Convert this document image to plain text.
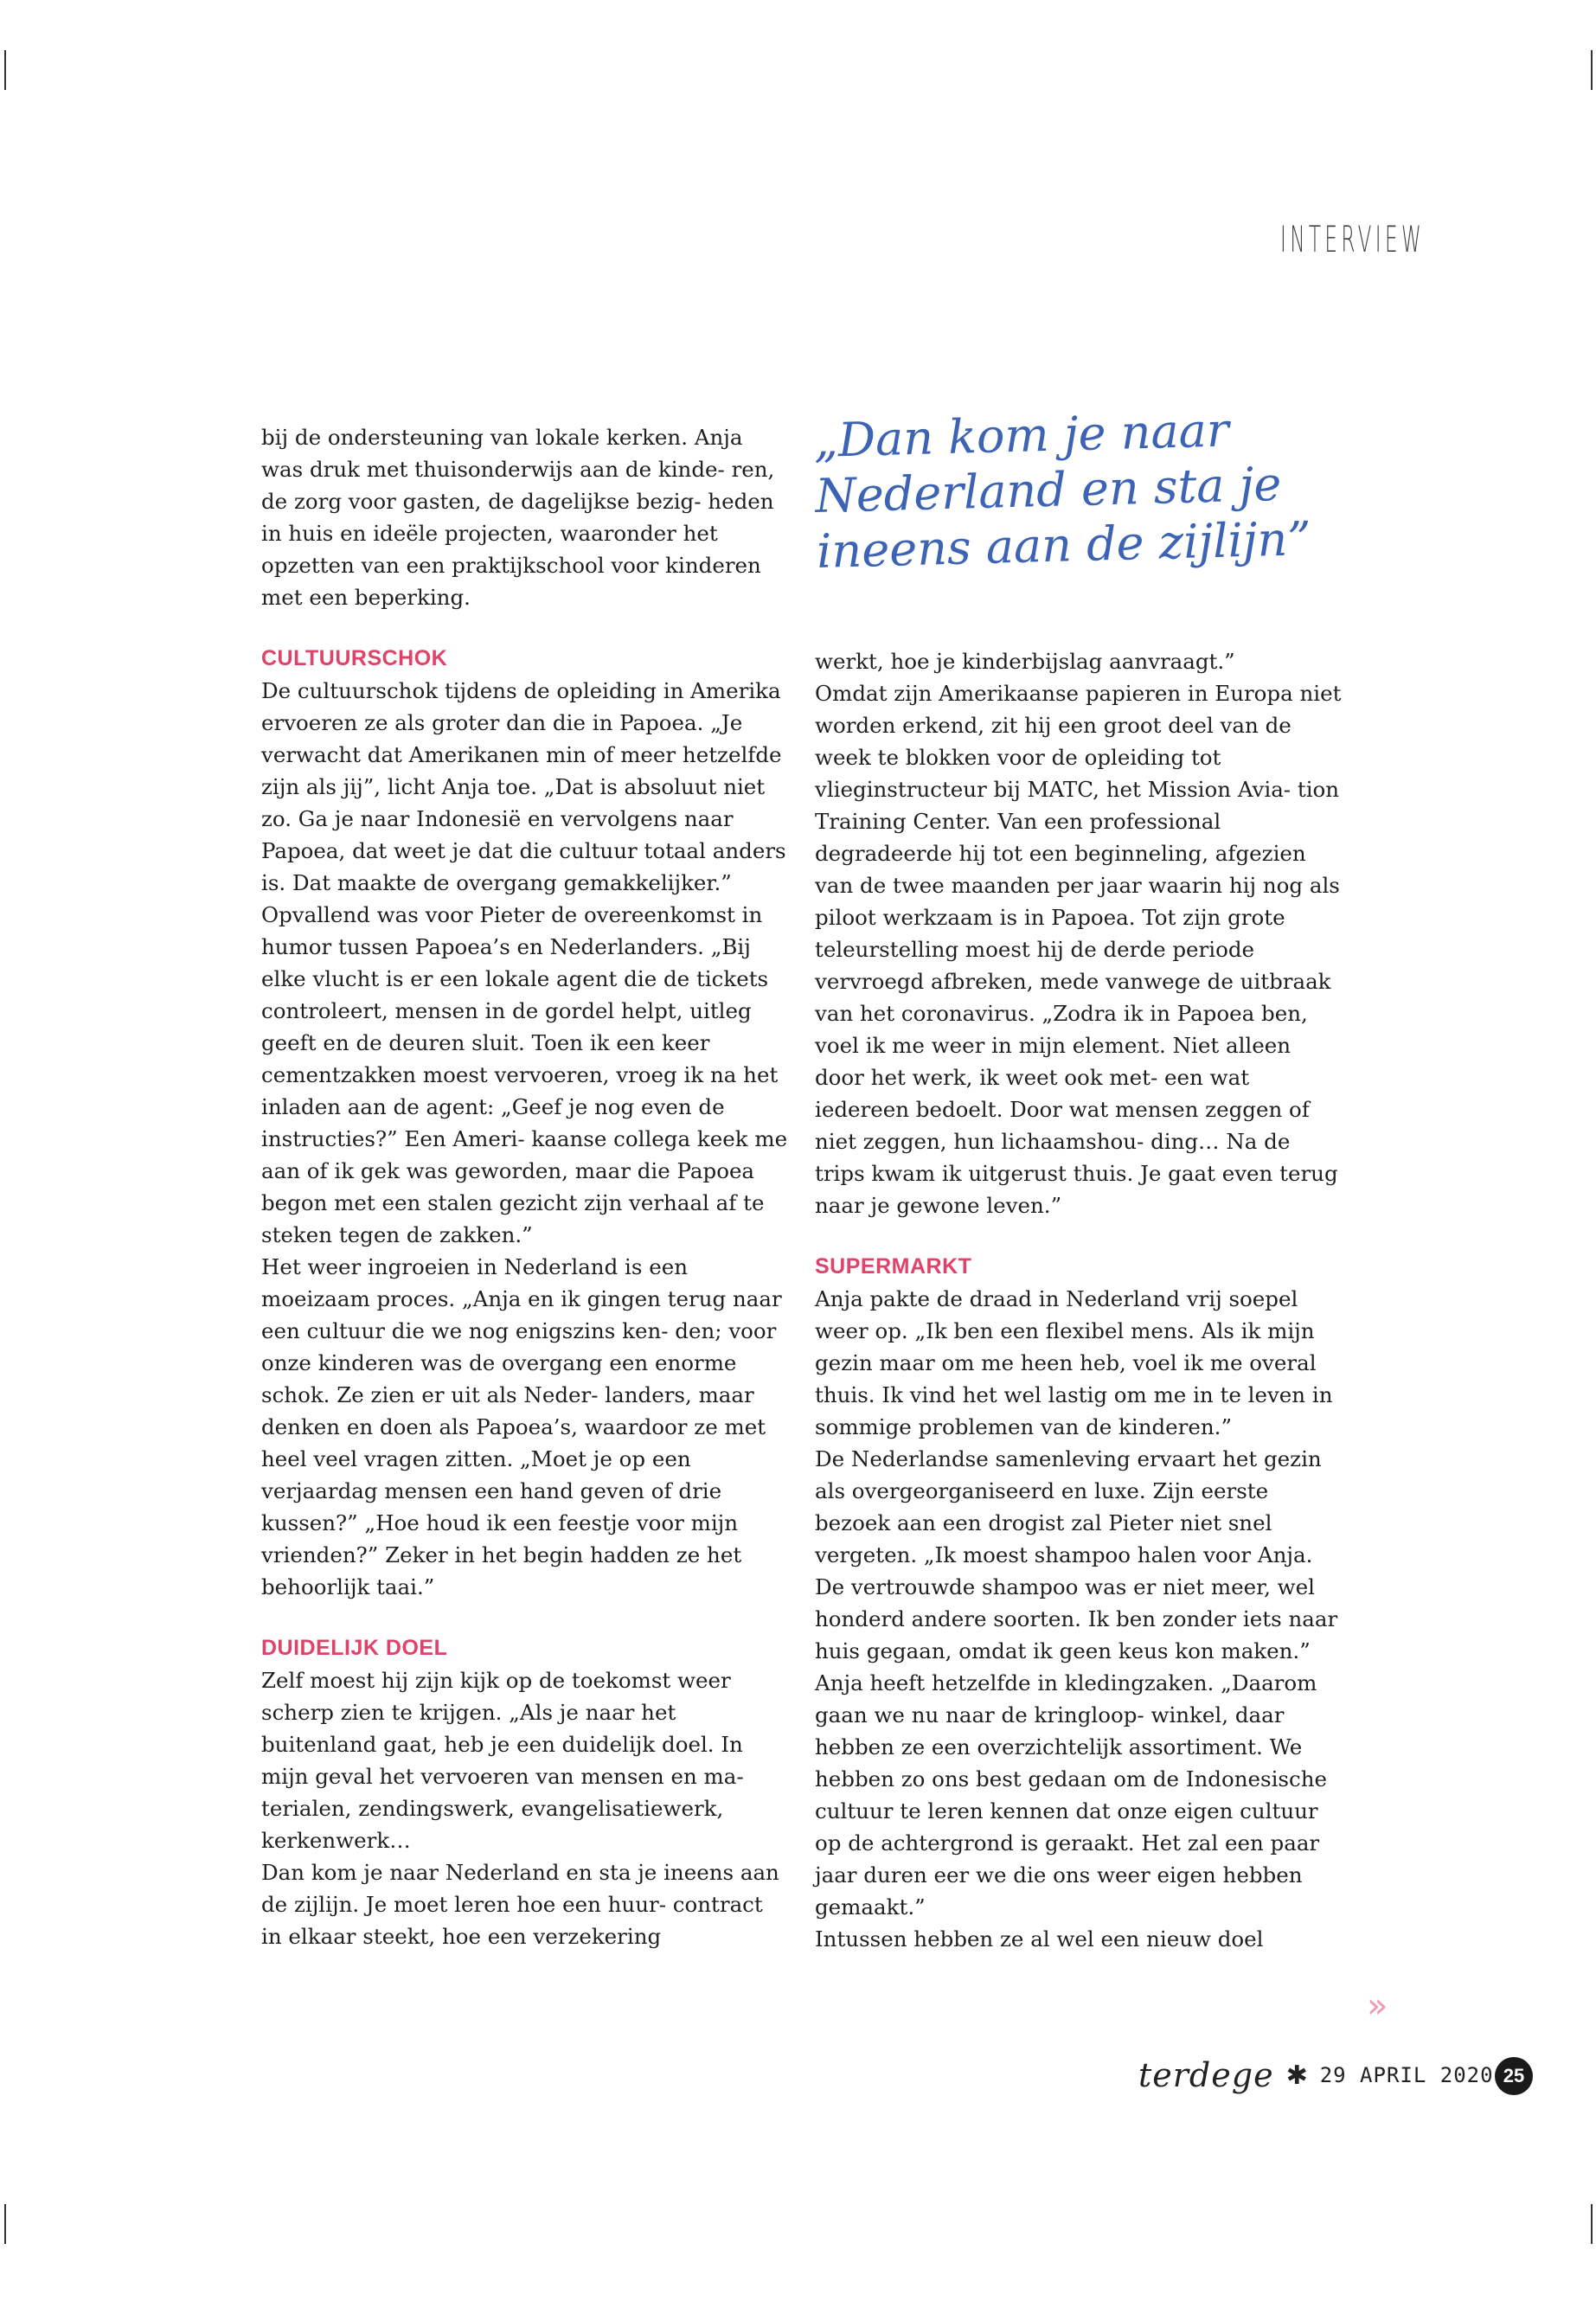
INTERVIEW

bij de ondersteuning van lokale kerken. Anja was druk met thuisonderwijs aan de kinde- ren, de zorg voor gasten, de dagelijkse bezig- heden in huis en ideële projecten, waaronder het opzetten van een praktijkschool voor kinderen met een beperking.

CULTUURSCHOK

De cultuurschok tijdens de opleiding in Amerika ervoeren ze als groter dan die in Papoea. „Je verwacht dat Amerikanen min of meer hetzelfde zijn als jij”, licht Anja toe. „Dat is absoluut niet zo. Ga je naar Indonesië en vervolgens naar Papoea, dat weet je dat die cultuur totaal anders is. Dat maakte de overgang gemakkelijker.”

Opvallend was voor Pieter de overeenkomst in humor tussen Papoea’s en Nederlanders. „Bij elke vlucht is er een lokale agent die de tickets controleert, mensen in de gordel helpt, uitleg geeft en de deuren sluit. Toen ik een keer cementzakken moest vervoeren, vroeg ik na het inladen aan de agent: „Geef je nog even de instructies?” Een Ameri- kaanse collega keek me aan of ik gek was geworden, maar die Papoea begon met een stalen gezicht zijn verhaal af te steken tegen de zakken.”

Het weer ingroeien in Nederland is een moeizaam proces. „Anja en ik gingen terug naar een cultuur die we nog enigszins ken- den; voor onze kinderen was de overgang een enorme schok. Ze zien er uit als Neder- landers, maar denken en doen als Papoea’s, waardoor ze met heel veel vragen zitten. „Moet je op een verjaardag mensen een hand geven of drie kussen?” „Hoe houd ik een feestje voor mijn vrienden?” Zeker in het begin hadden ze het behoorlijk taai.”

DUIDELIJK DOEL

Zelf moest hij zijn kijk op de toekomst weer scherp zien te krijgen. „Als je naar het buitenland gaat, heb je een duidelijk doel. In mijn geval het vervoeren van mensen en ma- terialen, zendingswerk, evangelisatiewerk, kerkenwerk…

Dan kom je naar Nederland en sta je ineens aan de zijlijn. Je moet leren hoe een huur- contract in elkaar steekt, hoe een verzekering

„Dan kom je naar Nederland en sta je ineens aan de zijlijn”

werkt, hoe je kinderbijslag aanvraagt.”

Omdat zijn Amerikaanse papieren in Europa niet worden erkend, zit hij een groot deel van de week te blokken voor de opleiding tot vlieginstructeur bij MATC, het Mission Avia- tion Training Center. Van een professional degradeerde hij tot een beginneling, afgezien van de twee maanden per jaar waarin hij nog als piloot werkzaam is in Papoea. Tot zijn grote teleurstelling moest hij de derde periode vervroegd afbreken, mede vanwege de uitbraak van het coronavirus. „Zodra ik in Papoea ben, voel ik me weer in mijn element. Niet alleen door het werk, ik weet ook met- een wat iedereen bedoelt. Door wat mensen zeggen of niet zeggen, hun lichaamshou- ding… Na de trips kwam ik uitgerust thuis. Je gaat even terug naar je gewone leven.”

SUPERMARKT

Anja pakte de draad in Nederland vrij soepel weer op. „Ik ben een flexibel mens. Als ik mijn gezin maar om me heen heb, voel ik me overal thuis. Ik vind het wel lastig om me in te leven in sommige problemen van de kinderen.”

De Nederlandse samenleving ervaart het gezin als overgeorganiseerd en luxe. Zijn eerste bezoek aan een drogist zal Pieter niet snel vergeten. „Ik moest shampoo halen voor Anja. De vertrouwde shampoo was er niet meer, wel honderd andere soorten. Ik ben zonder iets naar huis gegaan, omdat ik geen keus kon maken.”

Anja heeft hetzelfde in kledingzaken. „Daarom gaan we nu naar de kringloop- winkel, daar hebben ze een overzichtelijk assortiment. We hebben zo ons best gedaan om de Indonesische cultuur te leren kennen dat onze eigen cultuur op de achtergrond is geraakt. Het zal een paar jaar duren eer we die ons weer eigen hebben gemaakt.”

Intussen hebben ze al wel een nieuw doel

»
terdege ✱ 29 APRIL 2020 25
